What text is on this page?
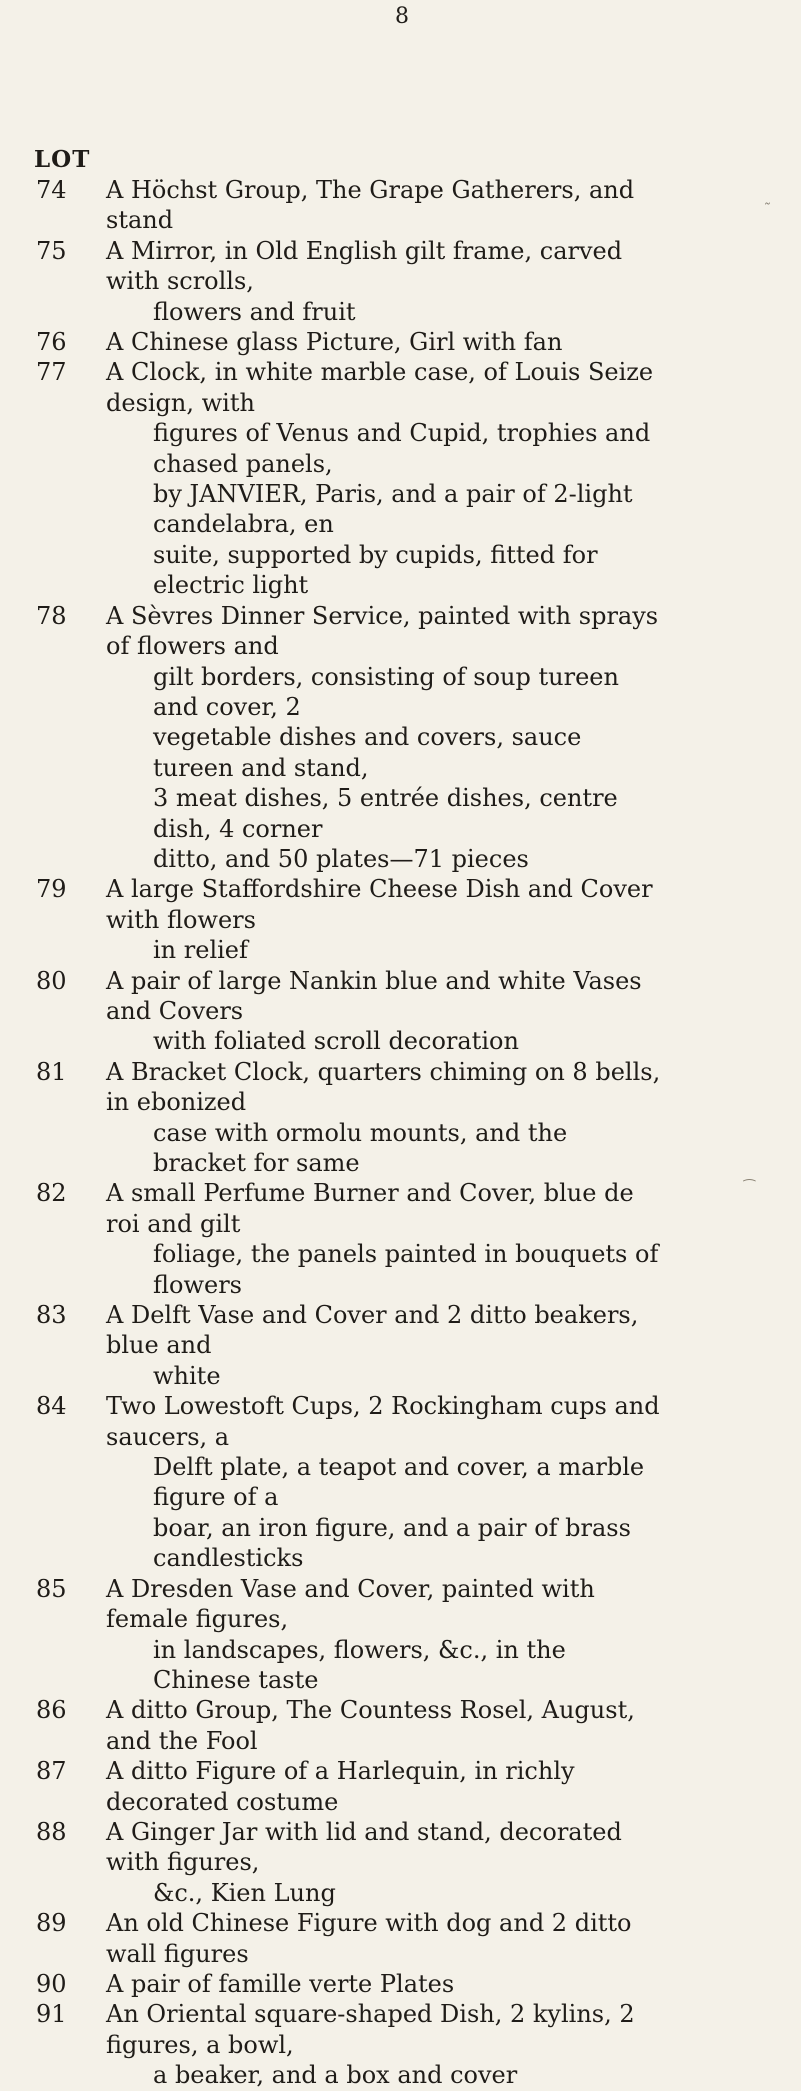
8
LOT
74	A Höchst Group, The Grape Gatherers, and stand
75	A Mirror, in Old English gilt frame, carved with scrolls,
flowers and fruit
76	A Chinese glass Picture, Girl with fan
77	A Clock, in white marble case, of Louis Seize design, with
figures of Venus and Cupid, trophies and chased panels,
by JANVIER, Paris, and a pair of 2-light candelabra, en
suite, supported by cupids, fitted for electric light
78	A Sèvres Dinner Service, painted with sprays of flowers and
gilt borders, consisting of soup tureen and cover, 2
vegetable dishes and covers, sauce tureen and stand,
3 meat dishes, 5 entrée dishes, centre dish, 4 corner
ditto, and 50 plates—71 pieces
79	A large Staffordshire Cheese Dish and Cover with flowers
in relief
80	A pair of large Nankin blue and white Vases and Covers
with foliated scroll decoration
81	A Bracket Clock, quarters chiming on 8 bells, in ebonized
case with ormolu mounts, and the bracket for same
82	A small Perfume Burner and Cover, blue de roi and gilt
foliage, the panels painted in bouquets of flowers
83	A Delft Vase and Cover and 2 ditto beakers, blue and
white
84	Two Lowestoft Cups, 2 Rockingham cups and saucers, a
Delft plate, a teapot and cover, a marble figure of a
boar, an iron figure, and a pair of brass candlesticks
85	A Dresden Vase and Cover, painted with female figures,
in landscapes, flowers, &c., in the Chinese taste
86	A ditto Group, The Countess Rosel, August, and the Fool
87	A ditto Figure of a Harlequin, in richly decorated costume
88	A Ginger Jar with lid and stand, decorated with figures,
&c., Kien Lung
89	An old Chinese Figure with dog and 2 ditto wall figures
90	A pair of famille verte Plates
91	An Oriental square-shaped Dish, 2 kylins, 2 figures, a bowl,
a beaker, and a box and cover
˷
⁀
